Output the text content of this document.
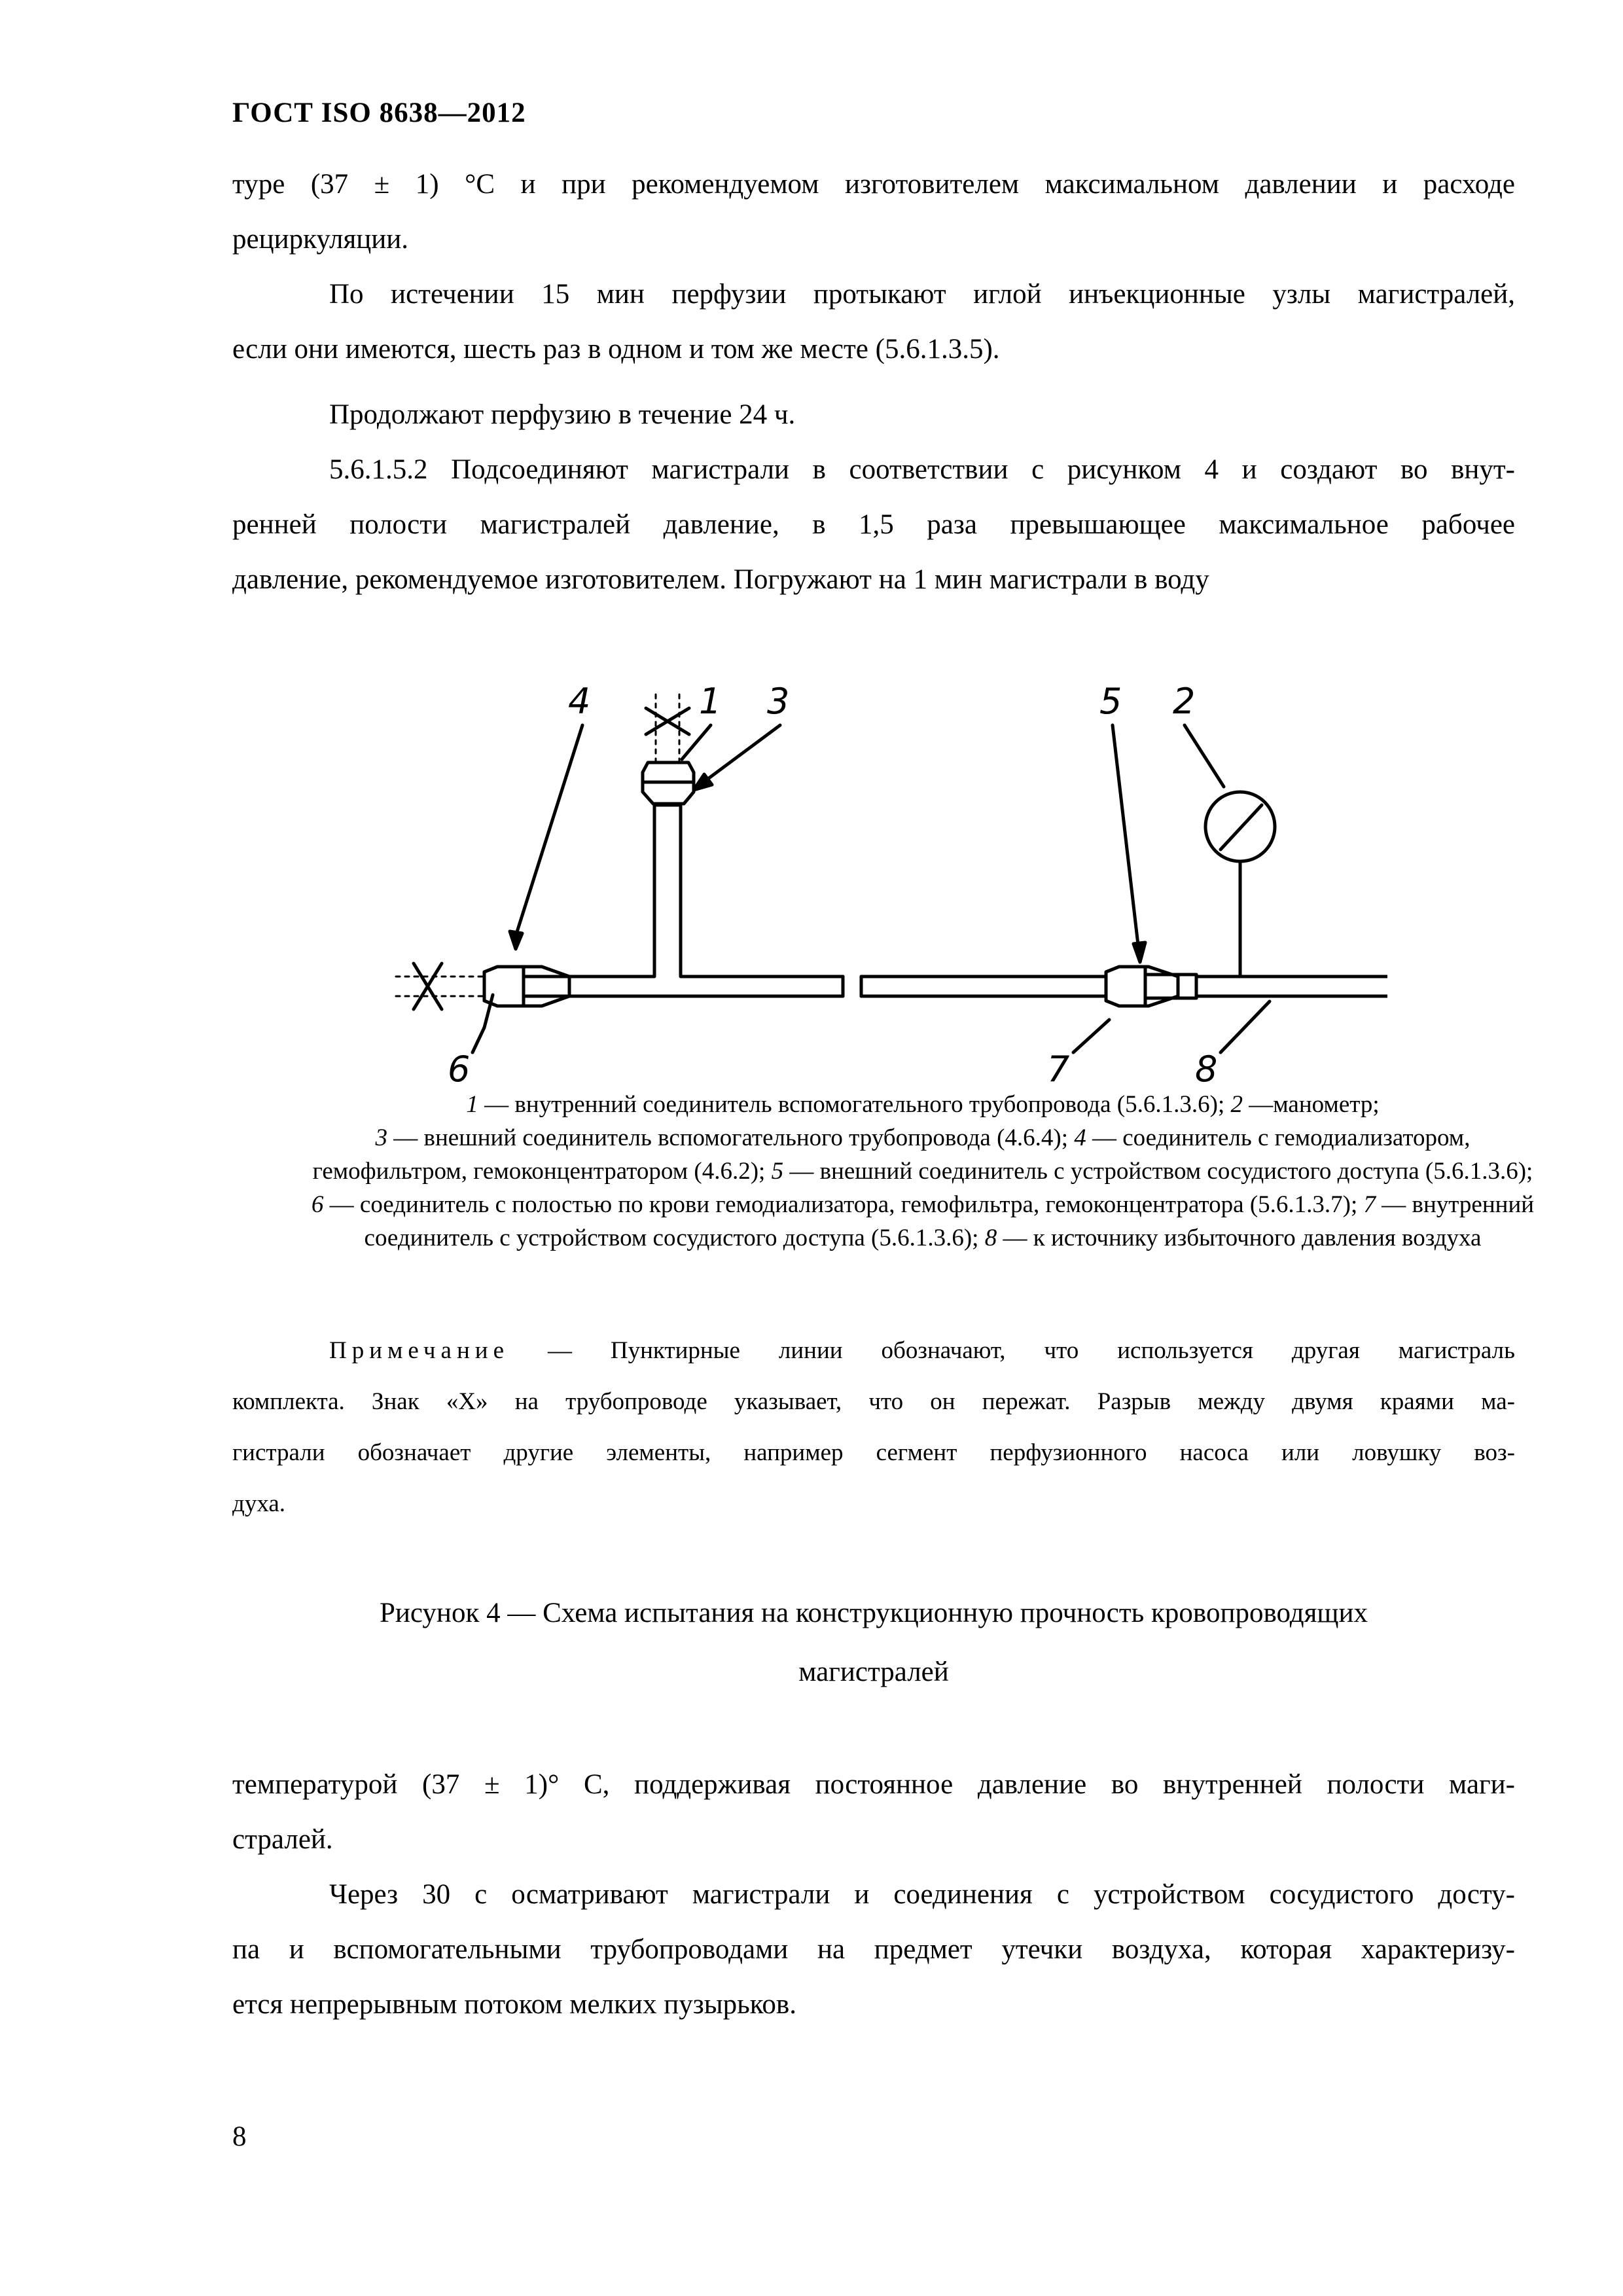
ГОСТ ISO 8638—2012
туре (37 ± 1) °C и при рекомендуемом изготовителем максимальном давлении и расходе
рециркуляции.
По истечении 15 мин перфузии протыкают иглой инъекционные узлы магистралей,
если они имеются, шесть раз в одном и том же месте (5.6.1.3.5).
Продолжают перфузию в течение 24 ч.
5.6.1.5.2 Подсоединяют магистрали в соответствии с рисунком 4 и создают во внут-
ренней полости магистралей давление, в 1,5 раза превышающее максимальное рабочее
давление, рекомендуемое изготовителем. Погружают на 1 мин магистрали в воду
4	1 3	5 2
6	7	8
1 — внутренний соединитель вспомогательного трубопровода (5.6.1.3.6); 2 —манометр;
3 — внешний соединитель вспомогательного трубопровода (4.6.4); 4 — соединитель с гемодиализатором, гемофильтром, гемоконцентратором (4.6.2); 5 — внешний соединитель с устройством сосудистого доступа (5.6.1.3.6); 6 — соединитель с полостью по крови гемодиализатора, гемофильтра, гемоконцентратора (5.6.1.3.7); 7 — внутренний соединитель с устройством сосудистого доступа (5.6.1.3.6); 8 — к источнику избыточного давления воздуха
Примечание — Пунктирные линии обозначают, что используется другая магистраль
комплекта. Знак «X» на трубопроводе указывает, что он пережат. Разрыв между двумя краями ма-
гистрали обозначает другие элементы, например сегмент перфузионного насоса или ловушку воз-
духа.
Рисунок 4 — Схема испытания на конструкционную прочность кровопроводящих
магистралей
температурой (37 ± 1)° С, поддерживая постоянное давление во внутренней полости маги-
стралей.
Через 30 с осматривают магистрали и соединения с устройством сосудистого досту-
па и вспомогательными трубопроводами на предмет утечки воздуха, которая характеризу-
ется непрерывным потоком мелких пузырьков.
8
